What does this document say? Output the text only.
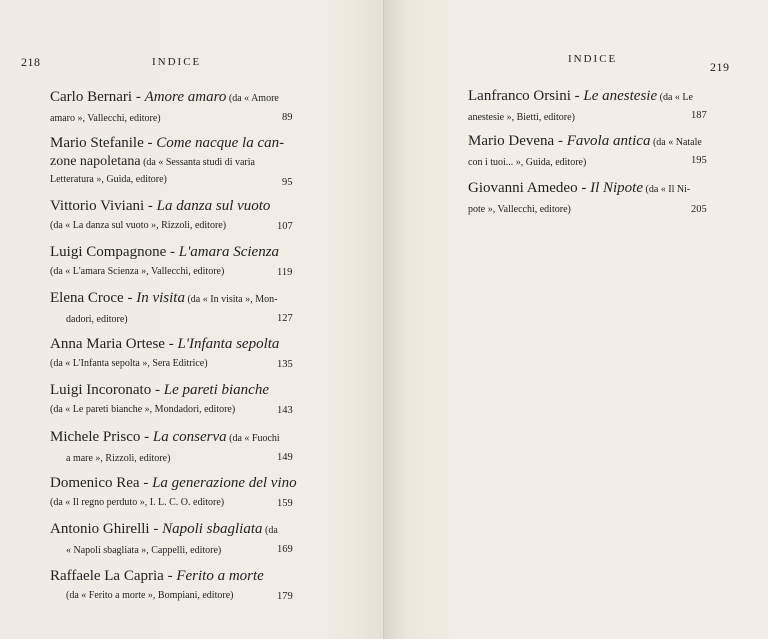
218	INDICE
Carlo Bernari - Amore amaro (da « Amore
amaro », Vallecchi, editore)	89
Mario Stefanile - Come nacque la can-
zone napoletana (da « Sessanta studi di varia
Letteratura », Guida, editore)	95
Vittorio Viviani - La danza sul vuoto
(da « La danza sul vuoto », Rizzoli, editore)	107
Luigi Compagnone - L'amara Scienza
(da « L'amara Scienza », Vallecchi, editore)	119
Elena Croce - In visita (da « In visita », Mon-
dadori, editore)	127
Anna Maria Ortese - L'Infanta sepolta
(da « L'Infanta sepolta », Sera Editrice)	135
Luigi Incoronato - Le pareti bianche
(da « Le pareti bianche », Mondadori, editore)	143
Michele Prisco - La conserva (da « Fuochi
a mare », Rizzoli, editore)	149
Domenico Rea - La generazione del vino
(da « Il regno perduto », I. L. C. O. editore)	159
Antonio Ghirelli - Napoli sbagliata (da
« Napoli sbagliata », Cappelli, editore)	169
Raffaele La Capria - Ferito a morte
(da « Ferito a morte », Bompiani, editore)	179
INDICE
219
Lanfranco Orsini - Le anestesie (da « Le
anestesie », Bietti, editore)	187
Mario Devena - Favola antica (da « Natale
con i tuoi... », Guida, editore)	195
Giovanni Amedeo - Il Nipote (da « Il Ni-
pote », Vallecchi, editore)	205
